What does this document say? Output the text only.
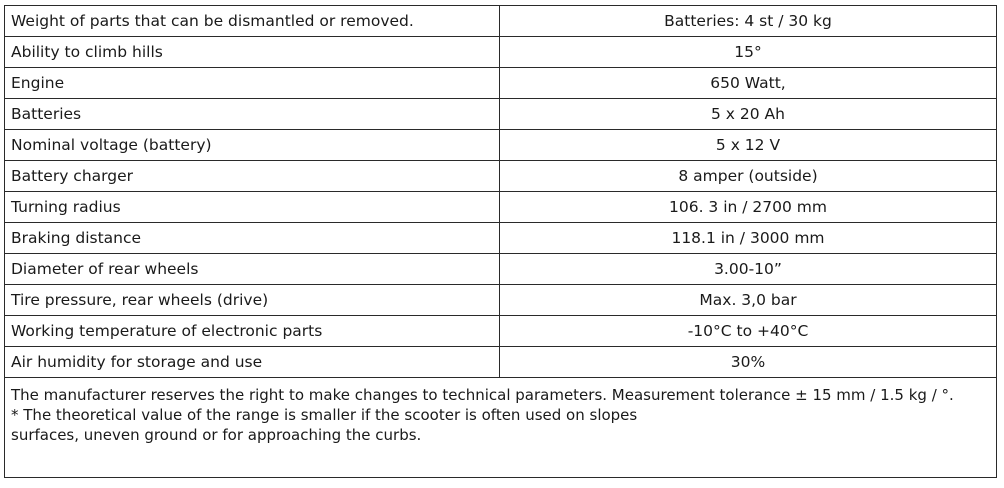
Weight of parts that can be dismantled or removed.	Batteries: 4 st / 30 kg
Ability to climb hills	15°
Engine	650 Watt,
Batteries	5 x 20 Ah
Nominal voltage (battery)	5 x 12 V
Battery charger	8 amper (outside)
Turning radius	106. 3 in / 2700 mm
Braking distance	118.1 in / 3000 mm
Diameter of rear wheels	3.00-10”
Tire pressure, rear wheels (drive)	Max. 3,0 bar
Working temperature of electronic parts	-10°C to +40°C
Air humidity for storage and use	30%

The manufacturer reserves the right to make changes to technical parameters. Measurement tolerance ± 15 mm / 1.5 kg / °.
* The theoretical value of the range is smaller if the scooter is often used on slopes
surfaces, uneven ground or for approaching the curbs.	
